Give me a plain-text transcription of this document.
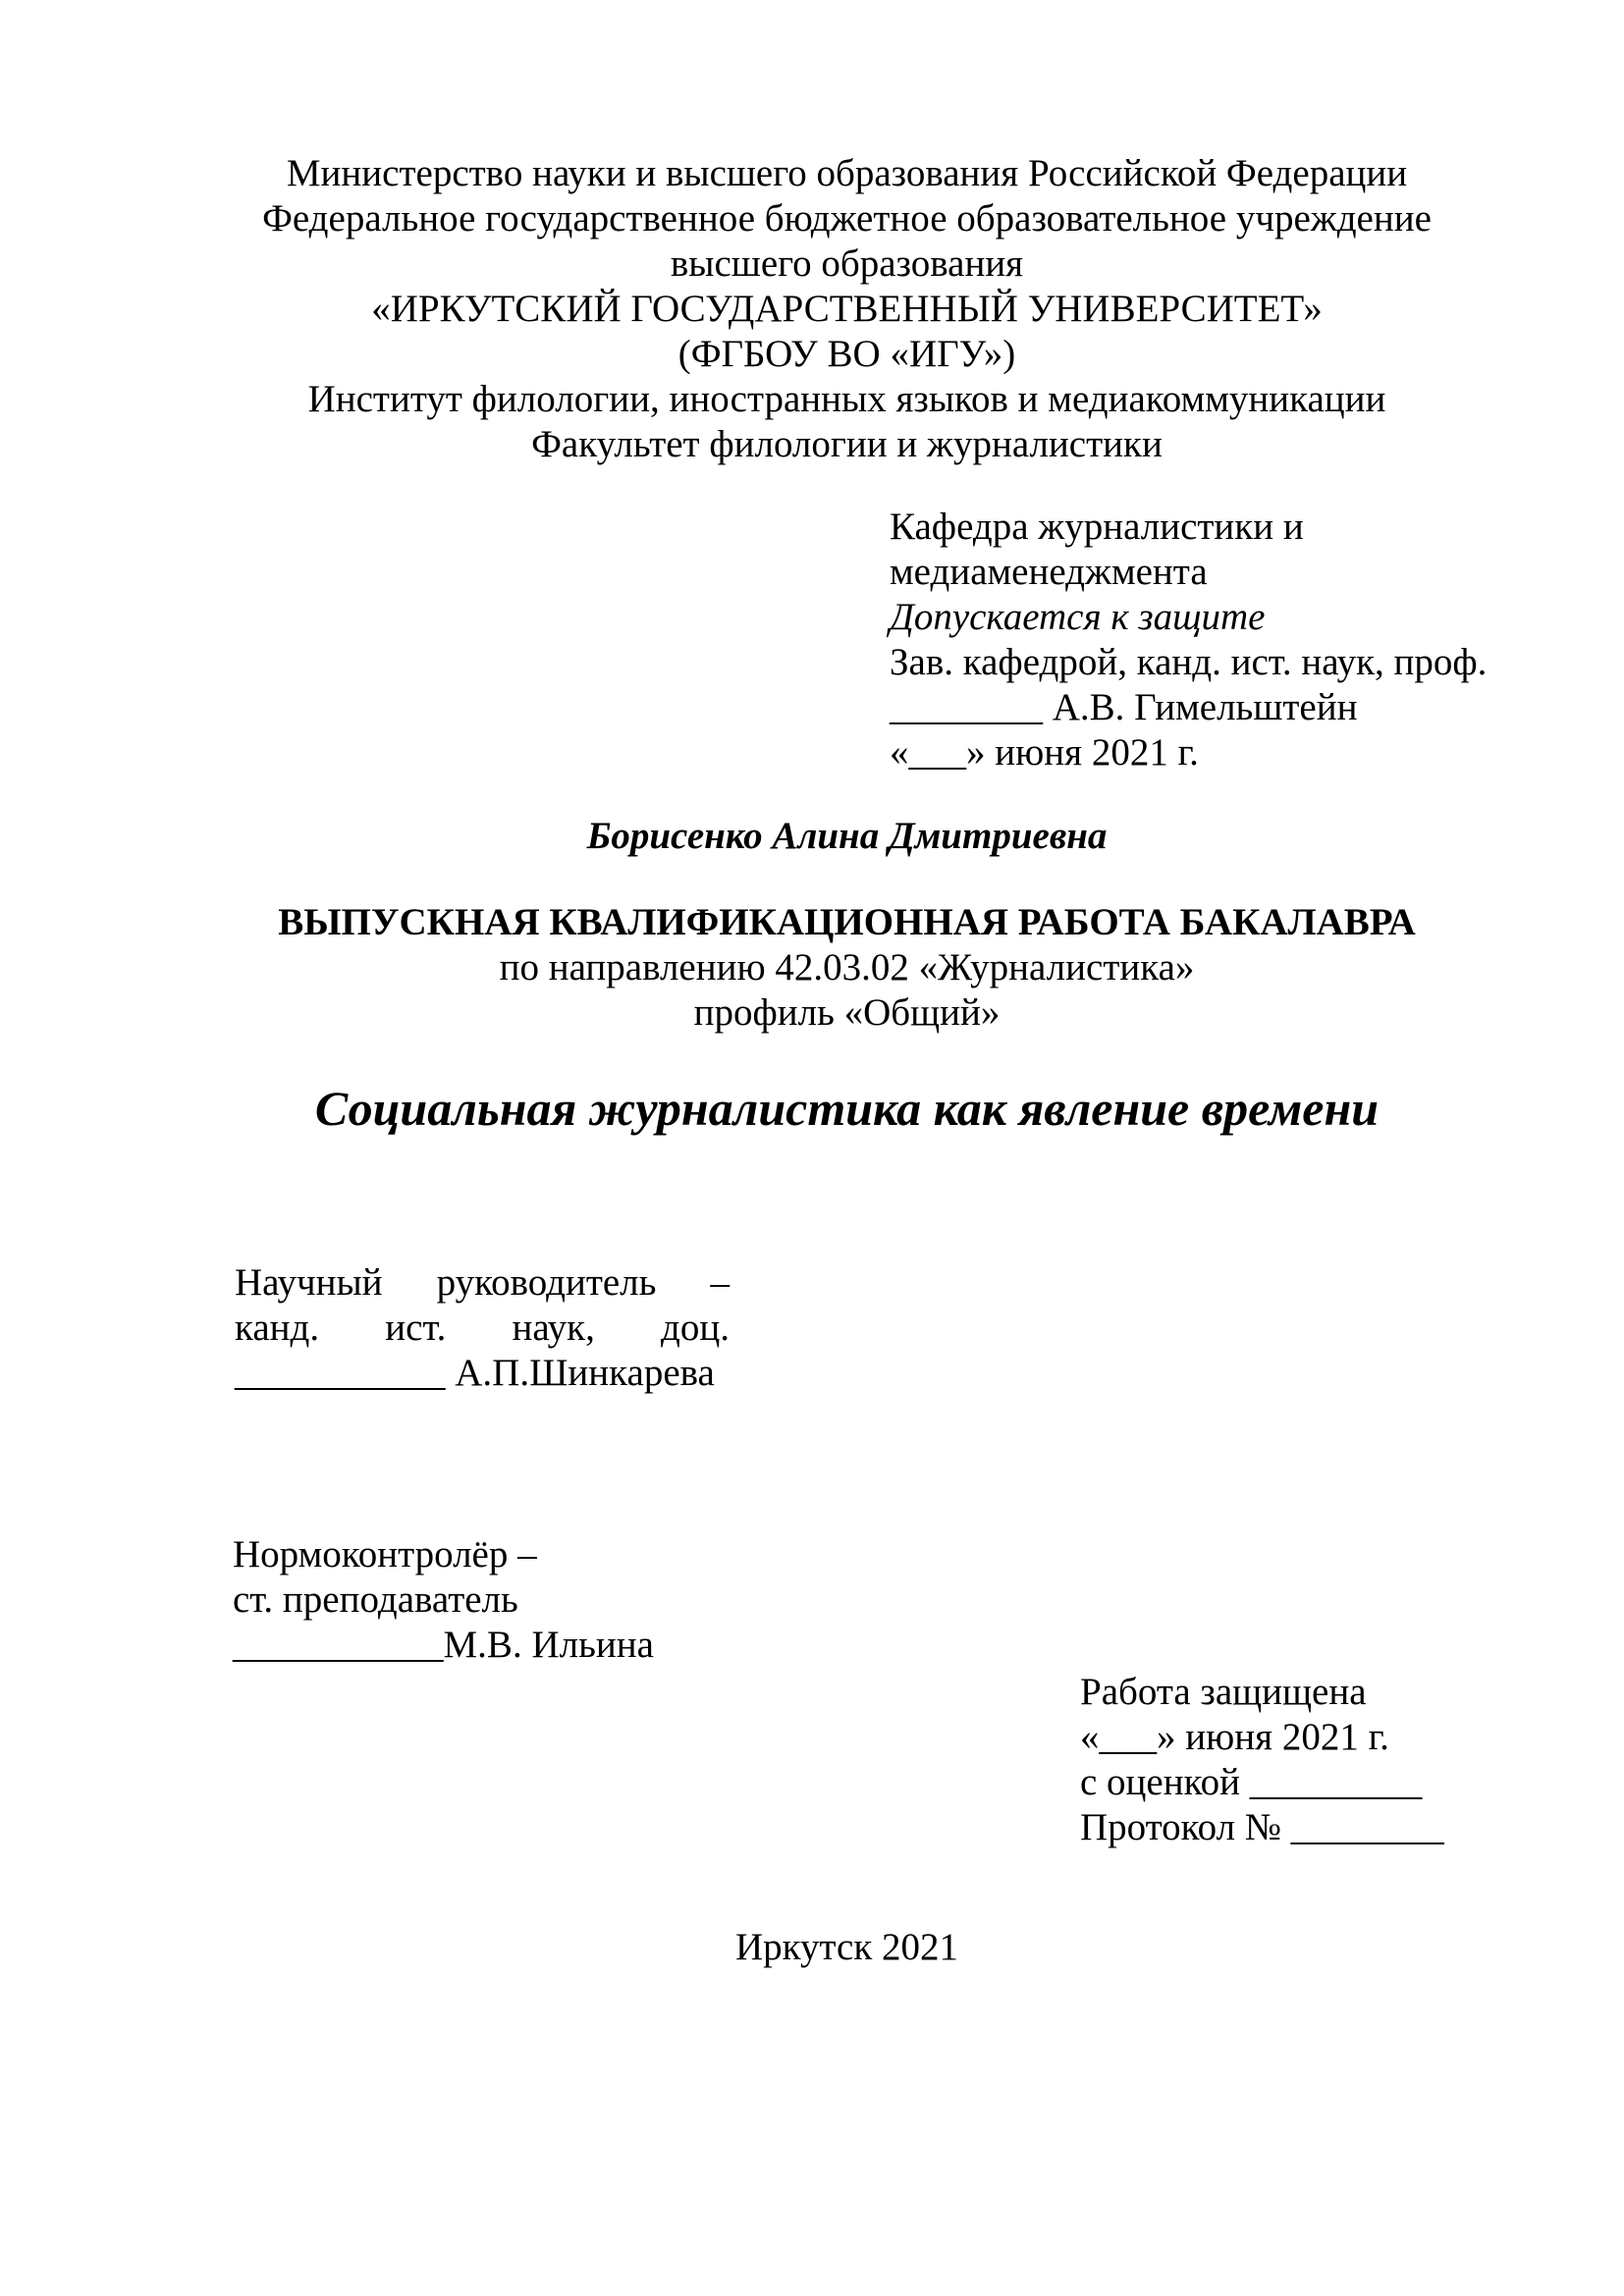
Министерство науки и высшего образования Российской Федерации
Федеральное государственное бюджетное образовательное учреждение
высшего образования
«ИРКУТСКИЙ ГОСУДАРСТВЕННЫЙ УНИВЕРСИТЕТ»
(ФГБОУ ВО «ИГУ»)
Институт филологии, иностранных языков и медиакоммуникации
Факультет филологии и журналистики
Кафедра журналистики и
медиаменеджмента
Допускается к защите
Зав. кафедрой, канд. ист. наук, проф.
________ А.В. Гимельштейн
«___» июня 2021 г.
Борисенко Алина Дмитриевна
ВЫПУСКНАЯ КВАЛИФИКАЦИОННАЯ РАБОТА БАКАЛАВРА
по направлению 42.03.02 «Журналистика»
профиль «Общий»
Социальная журналистика как явление времени
Научный руководитель –
канд. ист. наук, доц.
___________ А.П.Шинкарева
Нормоконтролёр –
ст. преподаватель
___________М.В. Ильина
Работа защищена
«___» июня 2021 г.
с оценкой _________
Протокол № ________
Иркутск 2021
